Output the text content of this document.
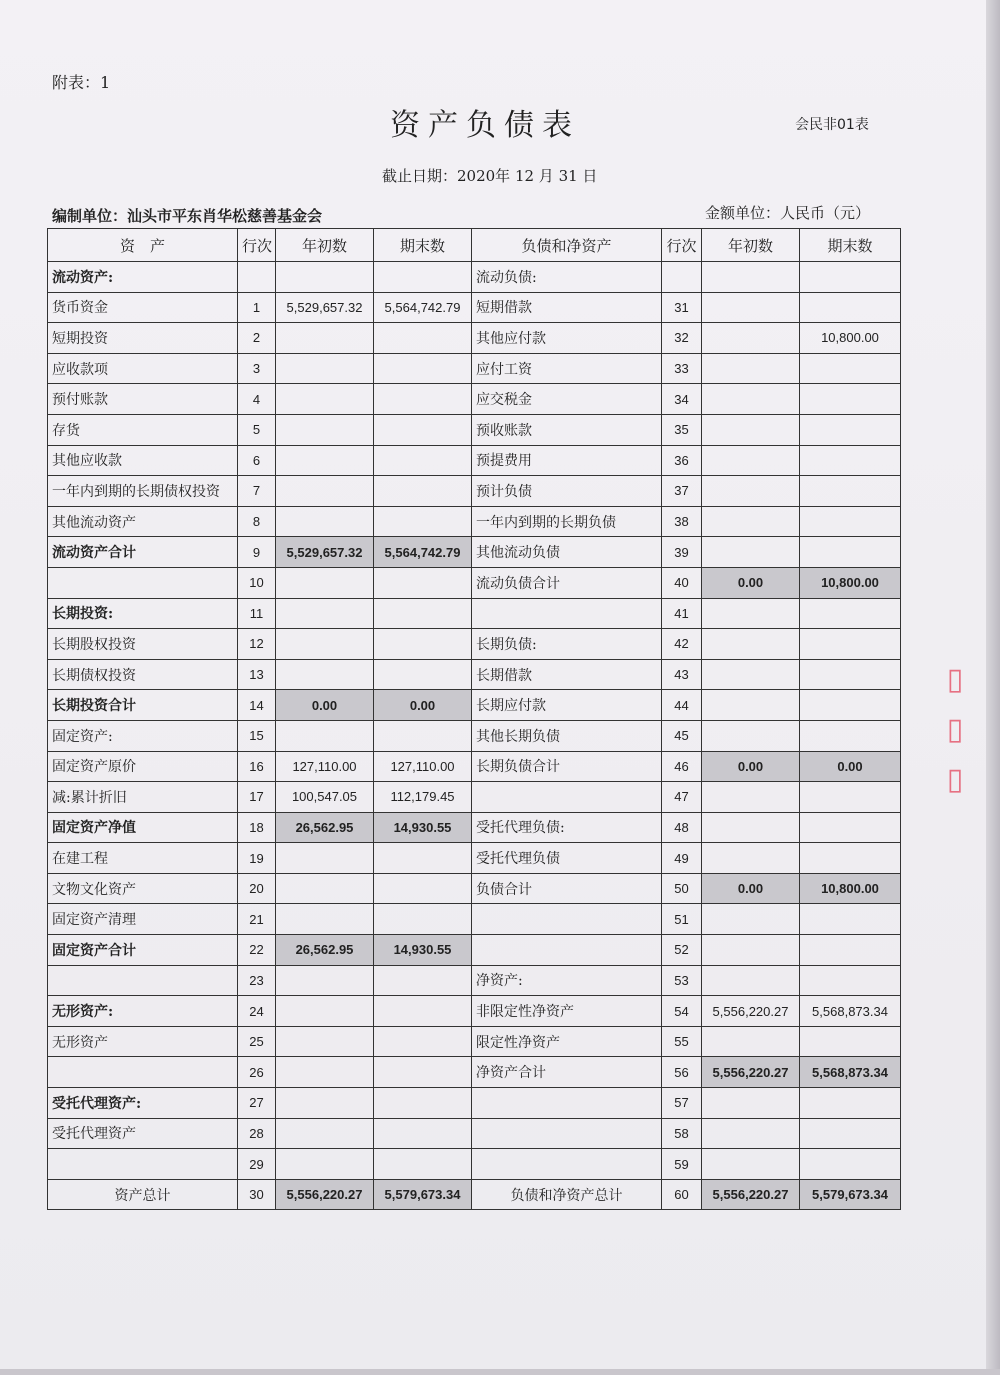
附表：1
资产负债表	会民非01表
截止日期：2020年 12 月 31 日
编制单位：汕头市平东肖华松慈善基金会	金额单位：人民币（元）
资　产	行次	年初数	期末数	负债和净资产	行次	年初数	期末数
流动资产:				流动负债:			
货币资金	1	5,529,657.32	5,564,742.79	短期借款	31		
短期投资	2			其他应付款	32		10,800.00
应收款项	3			应付工资	33		
预付账款	4			应交税金	34		
存货	5			预收账款	35		
其他应收款	6			预提费用	36		
一年内到期的长期债权投资	7			预计负债	37		
其他流动资产	8			一年内到期的长期负债	38		
流动资产合计	9	5,529,657.32	5,564,742.79	其他流动负债	39		
	10			流动负债合计	40	0.00	10,800.00
长期投资:	11				41		
长期股权投资	12			长期负债:	42		
长期债权投资	13			长期借款	43		
长期投资合计	14	0.00	0.00	长期应付款	44		
固定资产:	15			其他长期负债	45		
固定资产原价	16	127,110.00	127,110.00	长期负债合计	46	0.00	0.00
减:累计折旧	17	100,547.05	112,179.45		47		
固定资产净值	18	26,562.95	14,930.55	受托代理负债:	48		
在建工程	19			受托代理负债	49		
文物文化资产	20			负债合计	50	0.00	10,800.00
固定资产清理	21				51		
固定资产合计	22	26,562.95	14,930.55		52		
	23			净资产:	53		
无形资产:	24			非限定性净资产	54	5,556,220.27	5,568,873.34
无形资产	25			限定性净资产	55		
	26			净资产合计	56	5,556,220.27	5,568,873.34
受托代理资产:	27				57		
受托代理资产	28				58		
	29				59		
资产总计	30	5,556,220.27	5,579,673.34	负债和净资产总计	60	5,556,220.27	5,579,673.34
▯
▯
▯
